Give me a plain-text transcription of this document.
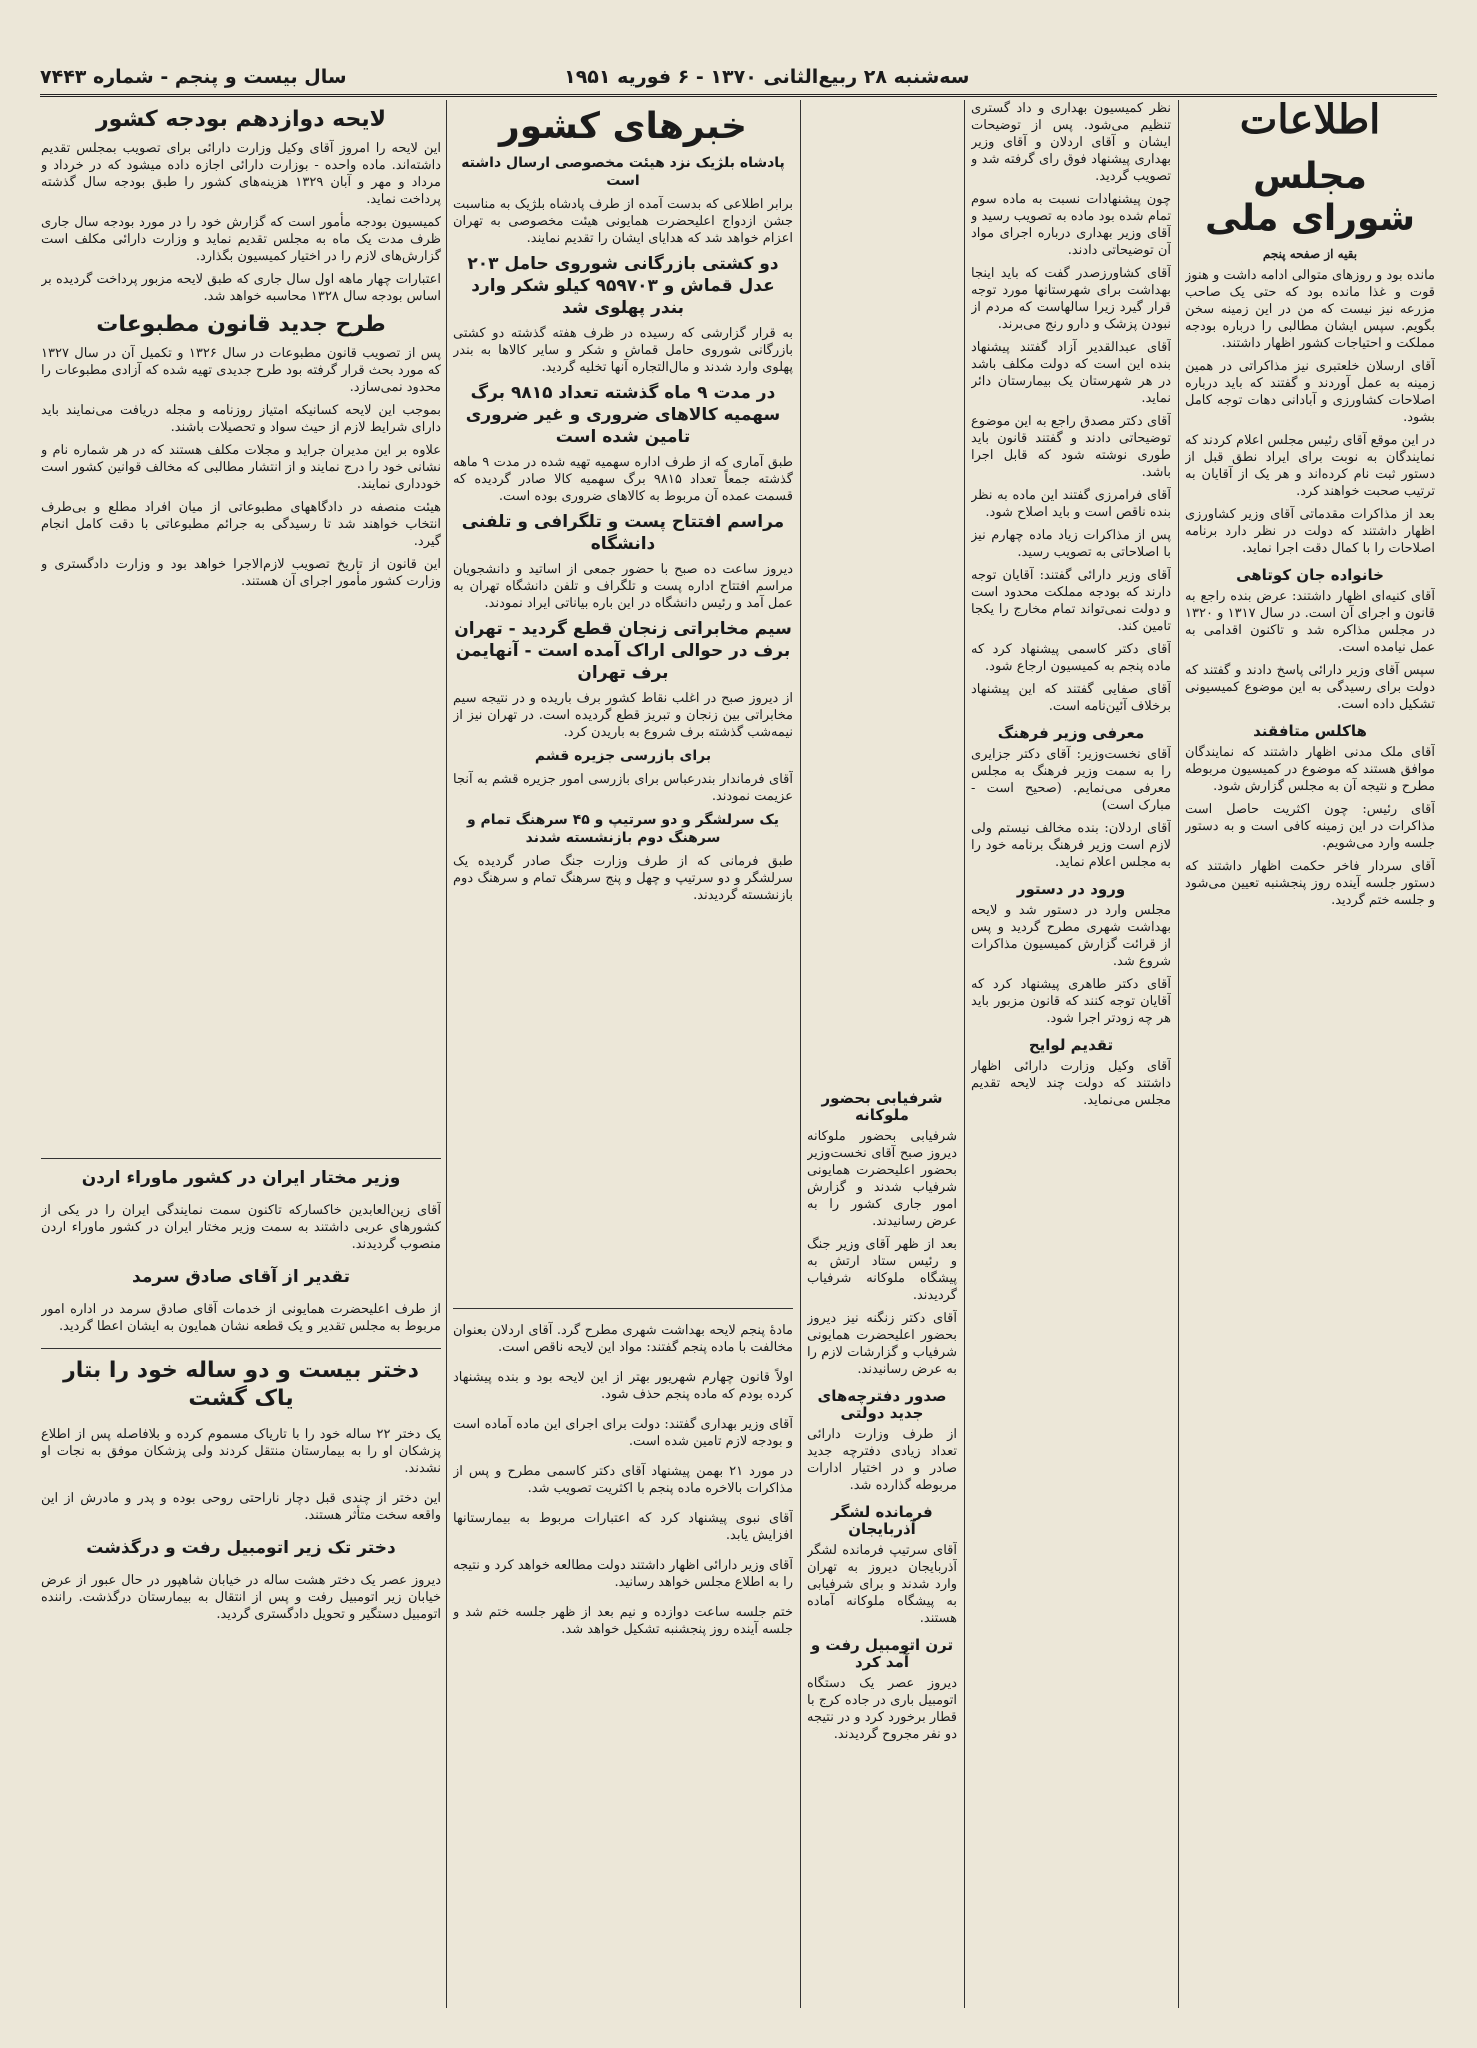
سال بیست و پنجم - شماره ۷۴۴۳	سه‌شنبه ۲۸ ربیع‌الثانی ۱۳۷۰ - ۶ فوریه ۱۹۵۱
اطلاعات
مجلس شورای ملی
بقیه از صفحه پنجم

مانده بود و روزهای متوالی ادامه داشت و هنوز قوت و غذا مانده بود که حتی یک صاحب مزرعه نیز نیست که من در این زمینه سخن بگویم. سپس ایشان مطالبی را درباره بودجه مملکت و احتیاجات کشور اظهار داشتند.

آقای ارسلان خلعتبری نیز مذاکراتی در همین زمینه به عمل آوردند و گفتند که باید درباره اصلاحات کشاورزی و آبادانی دهات توجه کامل بشود.

در این موقع آقای رئیس مجلس اعلام کردند که نمایندگان به نوبت برای ایراد نطق قبل از دستور ثبت نام کرده‌اند و هر یک از آقایان به ترتیب صحبت خواهند کرد.

بعد از مذاکرات مقدماتی آقای وزیر کشاورزی اظهار داشتند که دولت در نظر دارد برنامه اصلاحات را با کمال دقت اجرا نماید.

خانواده جان کوتاهی

آقای کنیه‌ای اظهار داشتند: عرض بنده راجع به قانون و اجرای آن است. در سال ۱۳۱۷ و ۱۳۲۰ در مجلس مذاکره شد و تاکنون اقدامی به عمل نیامده است.

سپس آقای وزیر دارائی پاسخ دادند و گفتند که دولت برای رسیدگی به این موضوع کمیسیونی تشکیل داده است.

هاکلس متافقند

آقای ملک مدنی اظهار داشتند که نمایندگان موافق هستند که موضوع در کمیسیون مربوطه مطرح و نتیجه آن به مجلس گزارش شود.

آقای رئیس: چون اکثریت حاصل است مذاکرات در این زمینه کافی است و به دستور جلسه وارد می‌شویم.

آقای سردار فاخر حکمت اظهار داشتند که دستور جلسه آینده روز پنجشنبه تعیین می‌شود و جلسه ختم گردید.

نظر کمیسیون بهداری و داد گستری تنظیم می‌شود. پس از توضیحات ایشان و آقای اردلان و آقای وزیر بهداری پیشنهاد فوق رای گرفته شد و تصویب گردید.

چون پیشنهادات نسبت به ماده سوم تمام شده بود ماده به تصویب رسید و آقای وزیر بهداری درباره اجرای مواد آن توضیحاتی دادند.

آقای کشاورزصدر گفت که باید اینجا بهداشت برای شهرستانها مورد توجه قرار گیرد زیرا سالهاست که مردم از نبودن پزشک و دارو رنج می‌برند.

آقای عبدالقدیر آزاد گفتند پیشنهاد بنده این است که دولت مکلف باشد در هر شهرستان یک بیمارستان دائر نماید.

آقای دکتر مصدق راجع به این موضوع توضیحاتی دادند و گفتند قانون باید طوری نوشته شود که قابل اجرا باشد.

آقای فرامرزی گفتند این ماده به نظر بنده ناقص است و باید اصلاح شود.

پس از مذاکرات زیاد ماده چهارم نیز با اصلاحاتی به تصویب رسید.

آقای وزیر دارائی گفتند: آقایان توجه دارند که بودجه مملکت محدود است و دولت نمی‌تواند تمام مخارج را یکجا تامین کند.

آقای دکتر کاسمی پیشنهاد کرد که ماده پنجم به کمیسیون ارجاع شود.

آقای صفایی گفتند که این پیشنهاد برخلاف آئین‌نامه است.

معرفی وزیر فرهنگ

آقای نخست‌وزیر: آقای دکتر جزایری را به سمت وزیر فرهنگ به مجلس معرفی می‌نمایم. (صحیح است - مبارک است)

آقای اردلان: بنده مخالف نیستم ولی لازم است وزیر فرهنگ برنامه خود را به مجلس اعلام نماید.

ورود در دستور

مجلس وارد در دستور شد و لایحه بهداشت شهری مطرح گردید و پس از قرائت گزارش کمیسیون مذاکرات شروع شد.

آقای دکتر طاهری پیشنهاد کرد که آقایان توجه کنند که قانون مزبور باید هر چه زودتر اجرا شود.

تقدیم لوایح

آقای وکیل وزارت دارائی اظهار داشتند که دولت چند لایحه تقدیم مجلس می‌نماید.

شرفیابی بحضور ملوکانه

شرفیابی بحضور ملوکانه دیروز صبح آقای نخست‌وزیر بحضور اعلیحضرت همایونی شرفیاب شدند و گزارش امور جاری کشور را به عرض رسانیدند.

بعد از ظهر آقای وزیر جنگ و رئیس ستاد ارتش به پیشگاه ملوکانه شرفیاب گردیدند.

آقای دکتر زنگنه نیز دیروز بحضور اعلیحضرت همایونی شرفیاب و گزارشات لازم را به عرض رسانیدند.

صدور دفترچه‌های جدید دولتی

از طرف وزارت دارائی تعداد زیادی دفترچه جدید صادر و در اختیار ادارات مربوطه گذارده شد.

فرمانده لشگر آذربایجان

آقای سرتیپ فرمانده لشگر آذربایجان دیروز به تهران وارد شدند و برای شرفیابی به پیشگاه ملوکانه آماده هستند.

ترن اتومبیل رفت و آمد کرد

دیروز عصر یک دستگاه اتومبیل باری در جاده کرج با قطار برخورد کرد و در نتیجه دو نفر مجروح گردیدند.

خبرهای کشور
پادشاه بلژیک نزد هیئت مخصوصی ارسال داشته است

برابر اطلاعی که بدست آمده از طرف پادشاه بلژیک به مناسبت جشن ازدواج اعلیحضرت همایونی هیئت مخصوصی به تهران اعزام خواهد شد که هدایای ایشان را تقدیم نمایند.

دو کشتی بازرگانی شوروی حامل ۲۰۳ عدل قماش و ۹۵۹۷۰۳ کیلو شکر وارد بندر پهلوی شد

به قرار گزارشی که رسیده در ظرف هفته گذشته دو کشتی بازرگانی شوروی حامل قماش و شکر و سایر کالاها به بندر پهلوی وارد شدند و مال‌التجاره آنها تخلیه گردید.

در مدت ۹ ماه گذشته تعداد ۹۸۱۵ برگ سهمیه کالاهای ضروری و غیر ضروری تامین شده است

طبق آماری که از طرف اداره سهمیه تهیه شده در مدت ۹ ماهه گذشته جمعاً تعداد ۹۸۱۵ برگ سهمیه کالا صادر گردیده که قسمت عمده آن مربوط به کالاهای ضروری بوده است.

مراسم افتتاح پست و تلگرافی و تلفنی دانشگاه

دیروز ساعت ده صبح با حضور جمعی از اساتید و دانشجویان مراسم افتتاح اداره پست و تلگراف و تلفن دانشگاه تهران به عمل آمد و رئیس دانشگاه در این باره بیاناتی ایراد نمودند.

سیم مخابراتی زنجان قطع گردید - تهران برف در حوالی اراک آمده است - آنهایمن برف تهران

از دیروز صبح در اغلب نقاط کشور برف باریده و در نتیجه سیم مخابراتی بین زنجان و تبریز قطع گردیده است. در تهران نیز از نیمه‌شب گذشته برف شروع به باریدن کرد.

برای بازرسی جزیره قشم

آقای فرماندار بندرعباس برای بازرسی امور جزیره قشم به آنجا عزیمت نمودند.

یک سرلشگر و دو سرتیپ و ۴۵ سرهنگ تمام و سرهنگ دوم بازنشسته شدند

طبق فرمانی که از طرف وزارت جنگ صادر گردیده یک سرلشگر و دو سرتیپ و چهل و پنج سرهنگ تمام و سرهنگ دوم بازنشسته گردیدند.

مادهٔ پنجم لایحه بهداشت شهری مطرح گرد. آقای اردلان بعنوان مخالفت با ماده پنجم گفتند: مواد این لایحه ناقص است.

اولاً قانون چهارم شهریور بهتر از این لایحه بود و بنده پیشنهاد کرده بودم که ماده پنجم حذف شود.

آقای وزیر بهداری گفتند: دولت برای اجرای این ماده آماده است و بودجه لازم تامین شده است.

در مورد ۲۱ بهمن پیشنهاد آقای دکتر کاسمی مطرح و پس از مذاکرات بالاخره ماده پنجم با اکثریت تصویب شد.

آقای نبوی پیشنهاد کرد که اعتبارات مربوط به بیمارستانها افزایش یابد.

آقای وزیر دارائی اظهار داشتند دولت مطالعه خواهد کرد و نتیجه را به اطلاع مجلس خواهد رسانید.

ختم جلسه ساعت دوازده و نیم بعد از ظهر جلسه ختم شد و جلسه آینده روز پنجشنبه تشکیل خواهد شد.

لایحه دوازدهم بودجه کشور

این لایحه را امروز آقای وکیل وزارت دارائی برای تصویب بمجلس تقدیم داشته‌اند. ماده واحده - بوزارت دارائی اجازه داده میشود که در خرداد و مرداد و مهر و آبان ۱۳۲۹ هزینه‌های کشور را طبق بودجه سال گذشته پرداخت نماید.

کمیسیون بودجه مأمور است که گزارش خود را در مورد بودجه سال جاری ظرف مدت یک ماه به مجلس تقدیم نماید و وزارت دارائی مکلف است گزارش‌های لازم را در اختیار کمیسیون بگذارد.

اعتبارات چهار ماهه اول سال جاری که طبق لایحه مزبور پرداخت گردیده بر اساس بودجه سال ۱۳۲۸ محاسبه خواهد شد.

طرح جدید قانون مطبوعات

پس از تصویب قانون مطبوعات در سال ۱۳۲۶ و تکمیل آن در سال ۱۳۲۷ که مورد بحث قرار گرفته بود طرح جدیدی تهیه شده که آزادی مطبوعات را محدود نمی‌سازد.

بموجب این لایحه کسانیکه امتیاز روزنامه و مجله دریافت می‌نمایند باید دارای شرایط لازم از حیث سواد و تحصیلات باشند.

علاوه بر این مدیران جراید و مجلات مکلف هستند که در هر شماره نام و نشانی خود را درج نمایند و از انتشار مطالبی که مخالف قوانین کشور است خودداری نمایند.

هیئت منصفه در دادگاههای مطبوعاتی از میان افراد مطلع و بی‌طرف انتخاب خواهند شد تا رسیدگی به جرائم مطبوعاتی با دقت کامل انجام گیرد.

این قانون از تاریخ تصویب لازم‌الاجرا خواهد بود و وزارت دادگستری و وزارت کشور مأمور اجرای آن هستند.

وزیر مختار ایران در کشور ماوراء اردن

آقای زین‌العابدین خاکسارکه تاکنون سمت نمایندگی ایران را در یکی از کشورهای عربی داشتند به سمت وزیر مختار ایران در کشور ماوراء اردن منصوب گردیدند.

تقدیر از آقای صادق سرمد

از طرف اعلیحضرت همایونی از خدمات آقای صادق سرمد در اداره امور مربوط به مجلس تقدیر و یک قطعه نشان همایون به ایشان اعطا گردید.

دختر بیست و دو ساله خود را بتار یاک گشت

یک دختر ۲۲ ساله خود را با تاریاک مسموم کرده و بلافاصله پس از اطلاع پزشکان او را به بیمارستان منتقل کردند ولی پزشکان موفق به نجات او نشدند.

این دختر از چندی قبل دچار ناراحتی روحی بوده و پدر و مادرش از این واقعه سخت متأثر هستند.

دختر تک زیر اتومبیل رفت و درگذشت

دیروز عصر یک دختر هشت ساله در خیابان شاهپور در حال عبور از عرض خیابان زیر اتومبیل رفت و پس از انتقال به بیمارستان درگذشت. راننده اتومبیل دستگیر و تحویل دادگستری گردید.
